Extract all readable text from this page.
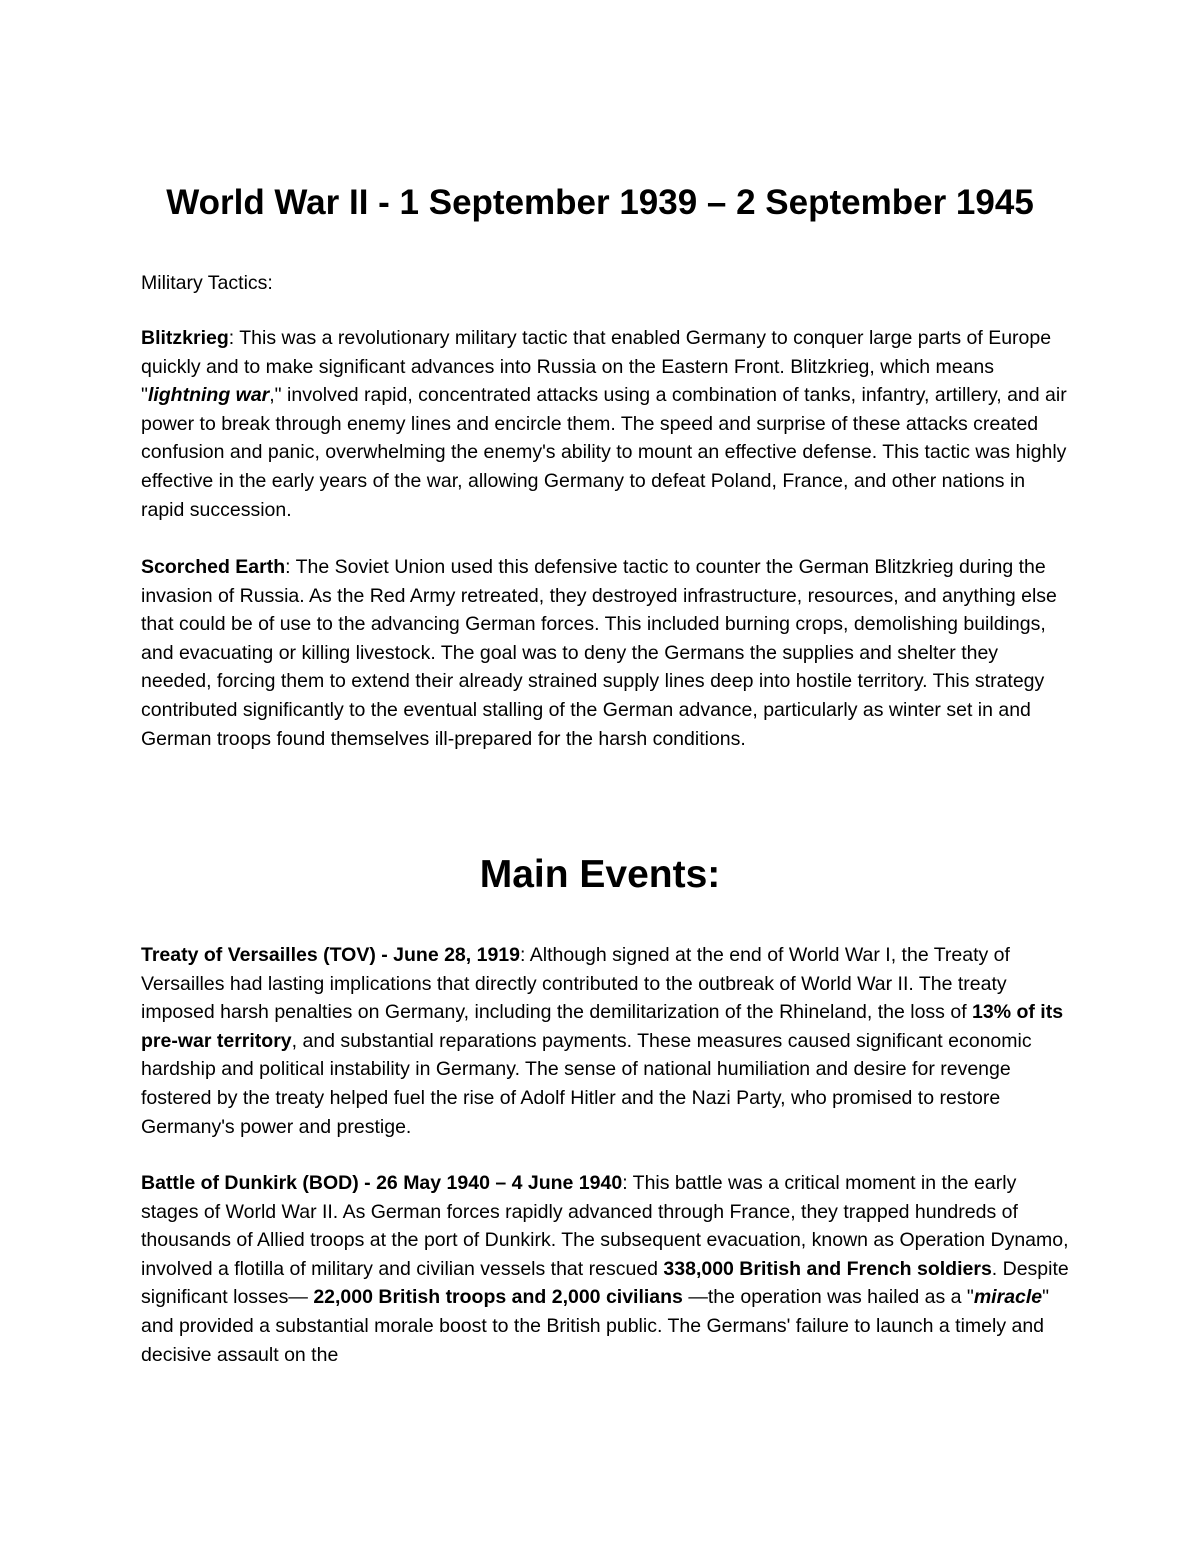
World War II - 1 September 1939 – 2 September 1945

Military Tactics:

Blitzkrieg: This was a revolutionary military tactic that enabled Germany to conquer large parts of Europe quickly and to make significant advances into Russia on the Eastern Front. Blitzkrieg, which means "lightning war," involved rapid, concentrated attacks using a combination of tanks, infantry, artillery, and air power to break through enemy lines and encircle them. The speed and surprise of these attacks created confusion and panic, overwhelming the enemy's ability to mount an effective defense. This tactic was highly effective in the early years of the war, allowing Germany to defeat Poland, France, and other nations in rapid succession.

Scorched Earth: The Soviet Union used this defensive tactic to counter the German Blitzkrieg during the invasion of Russia. As the Red Army retreated, they destroyed infrastructure, resources, and anything else that could be of use to the advancing German forces. This included burning crops, demolishing buildings, and evacuating or killing livestock. The goal was to deny the Germans the supplies and shelter they needed, forcing them to extend their already strained supply lines deep into hostile territory. This strategy contributed significantly to the eventual stalling of the German advance, particularly as winter set in and German troops found themselves ill-prepared for the harsh conditions.

Main Events:

Treaty of Versailles (TOV) - June 28, 1919: Although signed at the end of World War I, the Treaty of Versailles had lasting implications that directly contributed to the outbreak of World War II. The treaty imposed harsh penalties on Germany, including the demilitarization of the Rhineland, the loss of 13% of its pre-war territory, and substantial reparations payments. These measures caused significant economic hardship and political instability in Germany. The sense of national humiliation and desire for revenge fostered by the treaty helped fuel the rise of Adolf Hitler and the Nazi Party, who promised to restore Germany's power and prestige.

Battle of Dunkirk (BOD) - 26 May 1940 – 4 June 1940: This battle was a critical moment in the early stages of World War II. As German forces rapidly advanced through France, they trapped hundreds of thousands of Allied troops at the port of Dunkirk. The subsequent evacuation, known as Operation Dynamo, involved a flotilla of military and civilian vessels that rescued 338,000 British and French soldiers. Despite significant losses— 22,000 British troops and 2,000 civilians —the operation was hailed as a "miracle" and provided a substantial morale boost to the British public. The Germans' failure to launch a timely and decisive assault on the
